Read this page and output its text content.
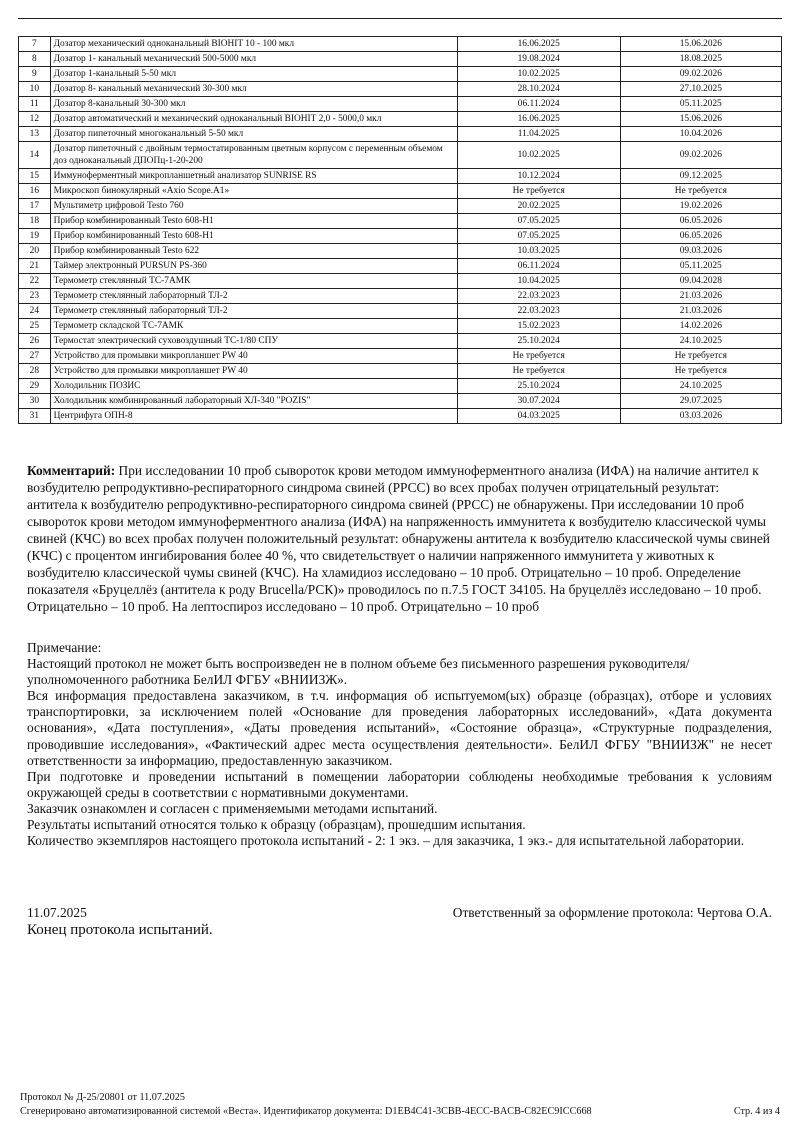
7	Дозатор механический одноканальный BIOHIT 10 - 100 мкл	16.06.2025	15.06.2026
8	Дозатор 1- канальный механический 500-5000 мкл	19.08.2024	18.08.2025
9	Дозатор 1-канальный 5-50 мкл	10.02.2025	09.02.2026
10	Дозатор 8- канальный механический 30-300 мкл	28.10.2024	27.10.2025
11	Дозатор 8-канальный 30-300 мкл	06.11.2024	05.11.2025
12	Дозатор автоматический и механический одноканальный BIOHIT 2,0 - 5000,0 мкл	16.06.2025	15.06.2026
13	Дозатор пипеточный многоканальный 5-50 мкл	11.04.2025	10.04.2026
14	Дозатор пипеточный с двойным термостатированным цветным корпусом с переменным объемом доз одноканальный ДПОПц-1-20-200	10.02.2025	09.02.2026
15	Иммуноферментный микропланшетный анализатор SUNRISE RS	10.12.2024	09.12.2025
16	Микроскоп бинокулярный «Axio Scope.A1»	Не требуется	Не требуется
17	Мультиметр цифровой Testo 760	20.02.2025	19.02.2026
18	Прибор комбинированный Testo 608-H1	07.05.2025	06.05.2026
19	Прибор комбинированный Testo 608-H1	07.05.2025	06.05.2026
20	Прибор комбинированный Testo 622	10.03.2025	09.03.2026
21	Таймер электронный PURSUN PS-360	06.11.2024	05.11.2025
22	Термометр стеклянный ТС-7АМК	10.04.2025	09.04.2028
23	Термометр стеклянный лабораторный ТЛ-2	22.03.2023	21.03.2026
24	Термометр стеклянный лабораторный ТЛ-2	22.03.2023	21.03.2026
25	Термометр складской ТС-7АМК	15.02.2023	14.02.2026
26	Термостат электрический суховоздушный ТС-1/80 СПУ	25.10.2024	24.10.2025
27	Устройство для промывки микропланшет PW 40	Не требуется	Не требуется
28	Устройство для промывки микропланшет PW 40	Не требуется	Не требуется
29	Холодильник ПОЗИС	25.10.2024	24.10.2025
30	Холодильник комбинированный лабораторный ХЛ-340 "POZIS"	30.07.2024	29.07.2025
31	Центрифуга ОПН-8	04.03.2025	03.03.2026
Комментарий: При исследовании 10 проб сывороток крови методом иммуноферментного анализа (ИФА) на наличие антител к возбудителю репродуктивно-респираторного синдрома свиней (РРСС) во всех пробах получен отрицательный результат: антитела к возбудителю репродуктивно-респираторного синдрома свиней (РРСС) не обнаружены. При исследовании 10 проб сывороток крови методом иммуноферментного анализа (ИФА) на напряженность иммунитета к возбудителю классической чумы свиней (КЧС) во всех пробах получен положительный результат: обнаружены антитела к возбудителю классической чумы свиней (КЧС) с процентом ингибирования более 40 %, что свидетельствует о наличии напряженного иммунитета у животных к возбудителю классической чумы свиней (КЧС). На хламидиоз исследовано – 10 проб. Отрицательно – 10 проб. Определение показателя «Бруцеллёз (антитела к роду Brucella/РСК)» проводилось по п.7.5 ГОСТ 34105. На бруцеллёз исследовано – 10 проб. Отрицательно – 10 проб. На лептоспироз исследовано – 10 проб. Отрицательно – 10 проб

Примечание:

Настоящий протокол не может быть воспроизведен не в полном объеме без письменного разрешения руководителя/уполномоченного работника БелИЛ ФГБУ «ВНИИЗЖ».

Вся информация предоставлена заказчиком, в т.ч. информация об испытуемом(ых) образце (образцах), отборе и условиях транспортировки, за исключением полей «Основание для проведения лабораторных исследований», «Дата документа основания», «Дата поступления», «Даты проведения испытаний», «Состояние образца», «Структурные подразделения, проводившие исследования», «Фактический адрес места осуществления деятельности». БелИЛ ФГБУ "ВНИИЗЖ" не несет ответственности за информацию, предоставленную заказчиком.

При подготовке и проведении испытаний в помещении лаборатории соблюдены необходимые требования к условиям окружающей среды в соответствии с нормативными документами.

Заказчик ознакомлен и согласен с применяемыми методами испытаний.

Результаты испытаний относятся только к образцу (образцам), прошедшим испытания.

Количество экземпляров настоящего протокола испытаний - 2: 1 экз. – для заказчика, 1 экз.- для испытательной лаборатории.

11.07.2025	Ответственный за оформление протокола: Чертова О.А.
Конец протокола испытаний.
Протокол № Д-25/20801 от 11.07.2025
Сгенерировано автоматизированной системой «Веста». Идентификатор документа: D1EB4C41-3CBB-4ECC-BACB-C82EC9ICC668	Стр. 4 из 4
